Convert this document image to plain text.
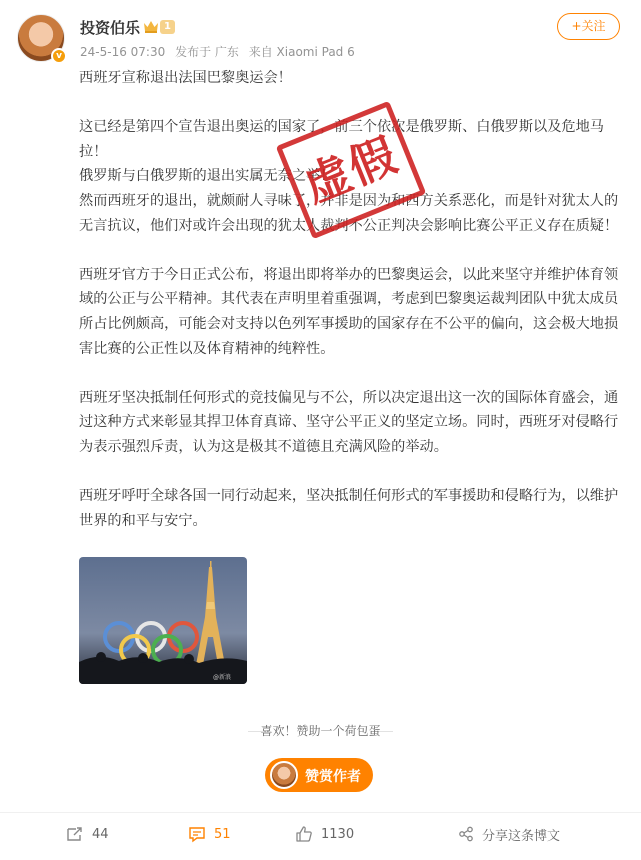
v
投资伯乐	1
24-5-16 07:30 发布于 广东 来自 Xiaomi Pad 6
+关注

西班牙宣称退出法国巴黎奥运会！

这已经是第四个宣告退出奥运的国家了，前三个依次是俄罗斯、白俄罗斯以及危地马拉！

俄罗斯与白俄罗斯的退出实属无奈之举！

然而西班牙的退出，就颇耐人寻味了，并非是因为和西方关系恶化，而是针对犹太人的无言抗议，他们对或许会出现的犹太人裁判不公正判决会影响比赛公平正义存在质疑！

西班牙官方于今日正式公布，将退出即将举办的巴黎奥运会，以此来坚守并维护体育领域的公正与公平精神。其代表在声明里着重强调，考虑到巴黎奥运裁判团队中犹太成员所占比例颇高，可能会对支持以色列军事援助的国家存在不公平的偏向，这会极大地损害比赛的公正性以及体育精神的纯粹性。

西班牙坚决抵制任何形式的竞技偏见与不公，所以决定退出这一次的国际体育盛会，通过这种方式来彰显其捍卫体育真谛、坚守公平正义的坚定立场。同时，西班牙对侵略行为表示强烈斥责，认为这是极其不道德且充满风险的举动。

西班牙呼吁全球各国一同行动起来，坚决抵制任何形式的军事援助和侵略行为，以维护世界的和平与安宁。

虚假
@新浪
喜欢！赞助一个荷包蛋
赞赏作者
44	51	1130	分享这条博文
